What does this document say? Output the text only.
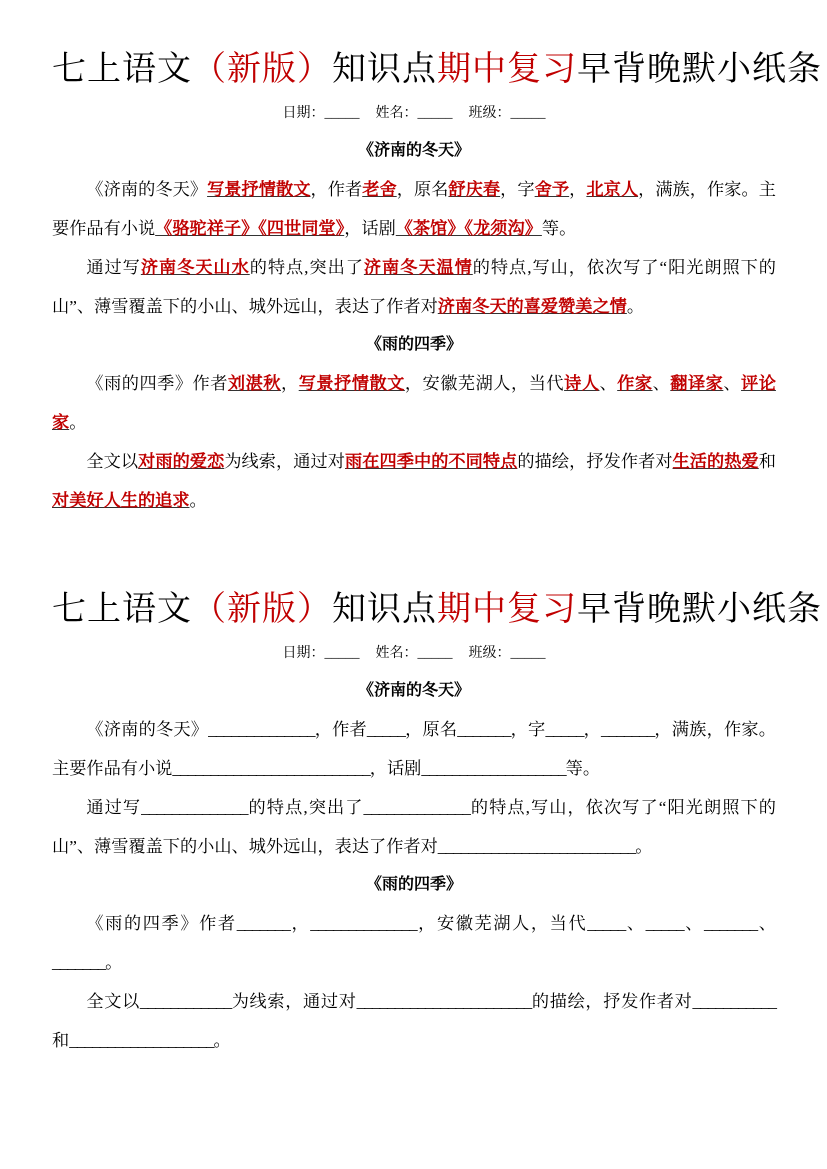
七上语文（新版）知识点期中复习早背晚默小纸条
日期：_____ 姓名：_____ 班级：_____
《济南的冬天》
《济南的冬天》写景抒情散文，作者老舍，原名舒庆春，字舍予，北京人，满族，作家。主要作品有小说《骆驼祥子》《四世同堂》，话剧《茶馆》《龙须沟》等。
通过写济南冬天山水的特点,突出了济南冬天温情的特点,写山，依次写了“阳光朗照下的山”、薄雪覆盖下的小山、城外远山，表达了作者对济南冬天的喜爱赞美之情。
《雨的四季》
《雨的四季》作者刘湛秋，写景抒情散文，安徽芜湖人，当代诗人、作家、翻译家、评论家。
全文以对雨的爱恋为线索，通过对雨在四季中的不同特点的描绘，抒发作者对生活的热爱和对美好人生的追求。
七上语文（新版）知识点期中复习早背晚默小纸条
日期：_____ 姓名：_____ 班级：_____
《济南的冬天》
《济南的冬天》______________，作者_____，原名_______，字_____，_______，满族，作家。主要作品有小说__________________________，话剧___________________等。
通过写______________的特点,突出了______________的特点,写山，依次写了“阳光朗照下的山”、薄雪覆盖下的小山、城外远山，表达了作者对__________________________。
《雨的四季》
《雨的四季》作者_______，______________，安徽芜湖人，当代_____、_____、_______、_______。
全文以____________为线索，通过对_______________________的描绘，抒发作者对___________和___________________。
